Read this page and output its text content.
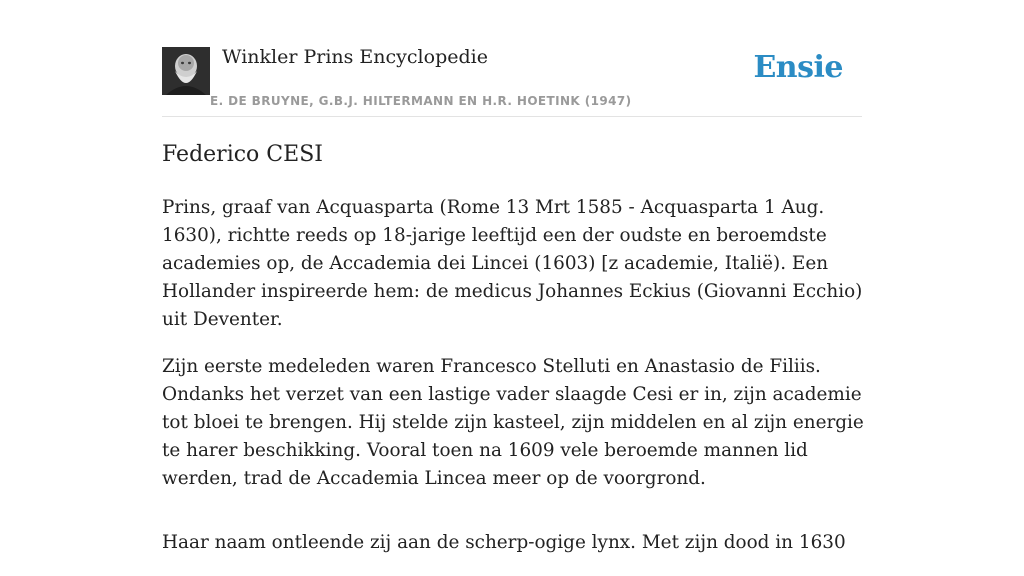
Winkler Prins Encyclopedie
E. DE BRUYNE, G.B.J. HILTERMANN EN H.R. HOETINK (1947)
Ensie
Federico CESI

Prins, graaf van Acquasparta (Rome 13 Mrt 1585 - Acquasparta 1 Aug. 1630), richtte reeds op 18-jarige leeftijd een der oudste en beroemdste academies op, de Accademia dei Lincei (1603) [z academie, Italië). Een Hollander inspireerde hem: de medicus Johannes Eckius (Giovanni Ecchio) uit Deventer.

Zijn eerste medeleden waren Francesco Stelluti en Anastasio de Filiis. Ondanks het verzet van een lastige vader slaagde Cesi er in, zijn academie tot bloei te brengen. Hij stelde zijn kasteel, zijn middelen en al zijn energie te harer beschikking. Vooral toen na 1609 vele beroemde mannen lid werden, trad de Accademia Lincea meer op de voorgrond.

Haar naam ontleende zij aan de scherp-ogige lynx. Met zijn dood in 1630
